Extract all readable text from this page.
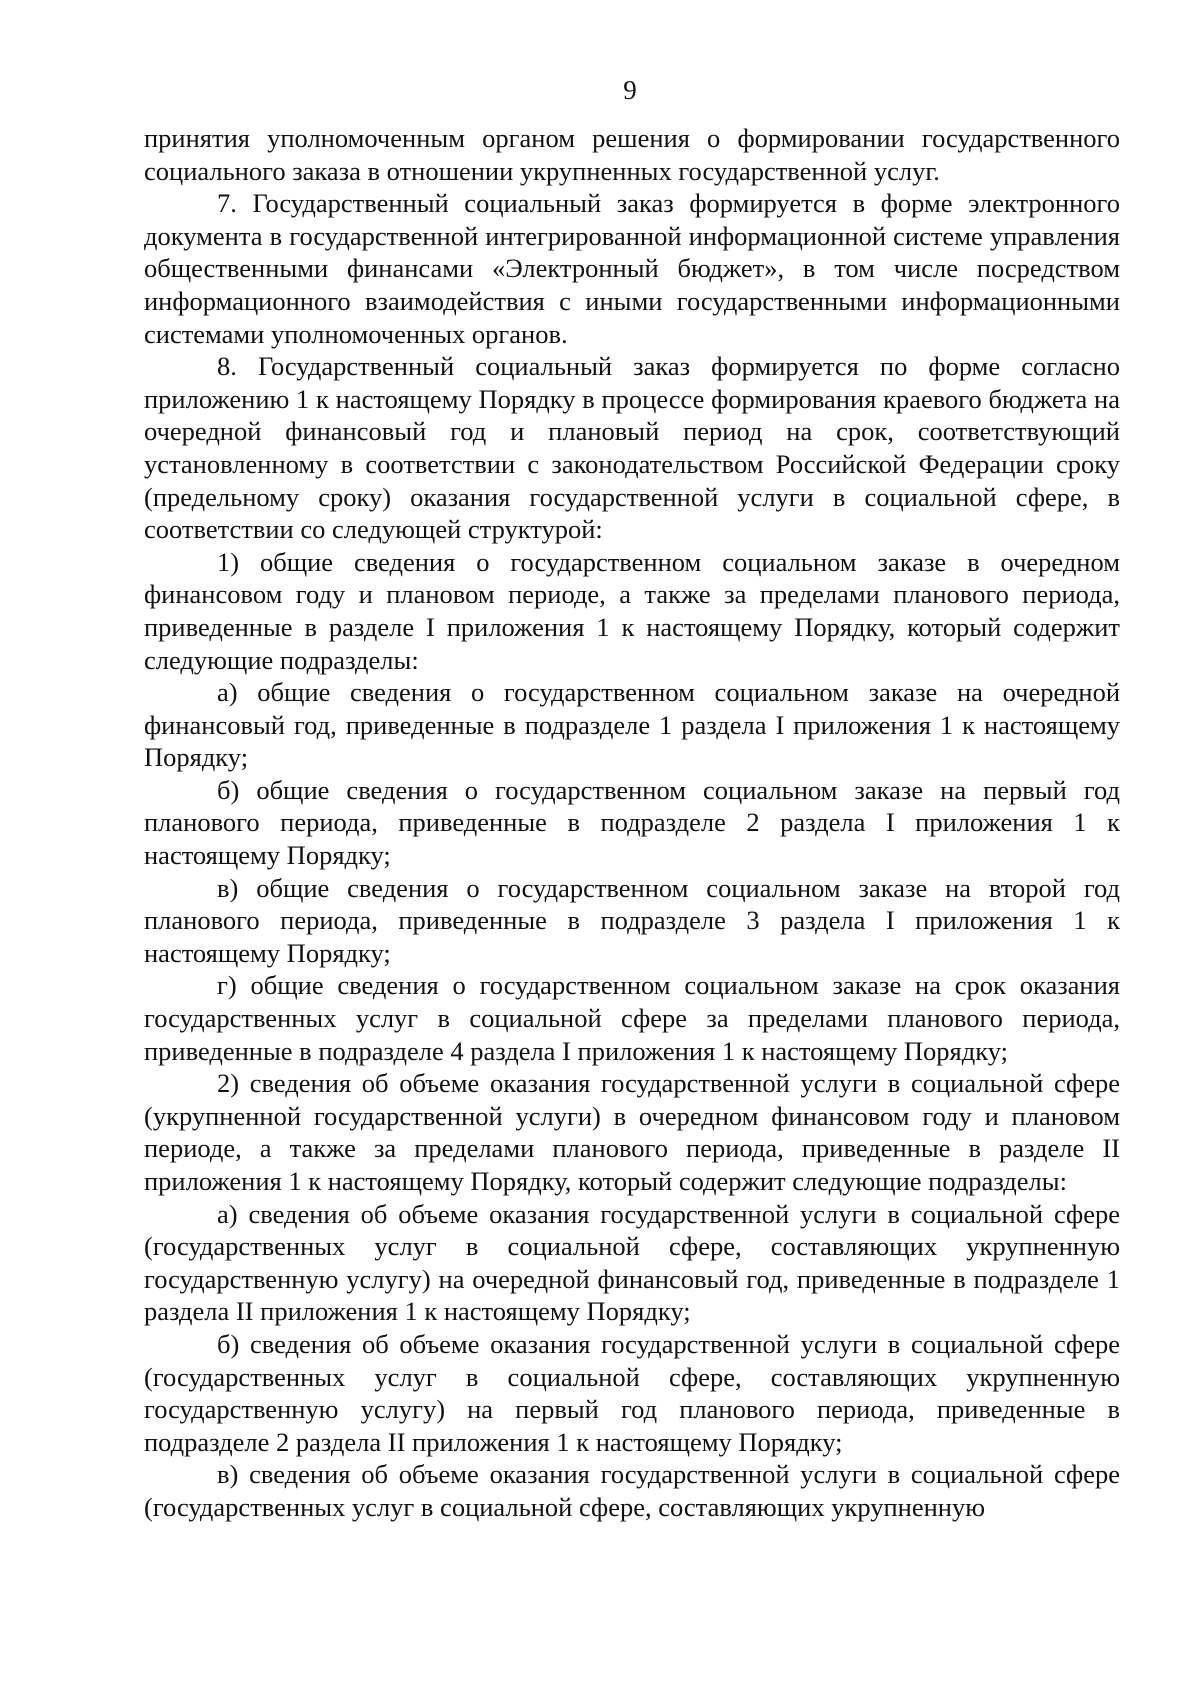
9

принятия уполномоченным органом решения о формировании государственного социального заказа в отношении укрупненных государственной услуг.

7. Государственный социальный заказ формируется в форме электронного документа в государственной интегрированной информационной системе управления общественными финансами «Электронный бюджет», в том числе посредством информационного взаимодействия с иными государственными информационными системами уполномоченных органов.

8. Государственный социальный заказ формируется по форме согласно приложению 1 к настоящему Порядку в процессе формирования краевого бюджета на очередной финансовый год и плановый период на срок, соответствующий установленному в соответствии с законодательством Российской Федерации сроку (предельному сроку) оказания государственной услуги в социальной сфере, в соответствии со следующей структурой:

1) общие сведения о государственном социальном заказе в очередном финансовом году и плановом периоде, а также за пределами планового периода, приведенные в разделе I приложения 1 к настоящему Порядку, который содержит следующие подразделы:

а) общие сведения о государственном социальном заказе на очередной финансовый год, приведенные в подразделе 1 раздела I приложения 1 к настоящему Порядку;

б) общие сведения о государственном социальном заказе на первый год планового периода, приведенные в подразделе 2 раздела I приложения 1 к настоящему Порядку;

в) общие сведения о государственном социальном заказе на второй год планового периода, приведенные в подразделе 3 раздела I приложения 1 к настоящему Порядку;

г) общие сведения о государственном социальном заказе на срок оказания государственных услуг в социальной сфере за пределами планового периода, приведенные в подразделе 4 раздела I приложения 1 к настоящему Порядку;

2) сведения об объеме оказания государственной услуги в социальной сфере (укрупненной государственной услуги) в очередном финансовом году и плановом периоде, а также за пределами планового периода, приведенные в разделе II приложения 1 к настоящему Порядку, который содержит следующие подразделы:

а) сведения об объеме оказания государственной услуги в социальной сфере (государственных услуг в социальной сфере, составляющих укрупненную государственную услугу) на очередной финансовый год, приведенные в подразделе 1 раздела II приложения 1 к настоящему Порядку;

б) сведения об объеме оказания государственной услуги в социальной сфере (государственных услуг в социальной сфере, составляющих укрупненную государственную услугу) на первый год планового периода, приведенные в подразделе 2 раздела II приложения 1 к настоящему Порядку;

в) сведения об объеме оказания государственной услуги в социальной сфере (государственных услуг в социальной сфере, составляющих укрупненную
